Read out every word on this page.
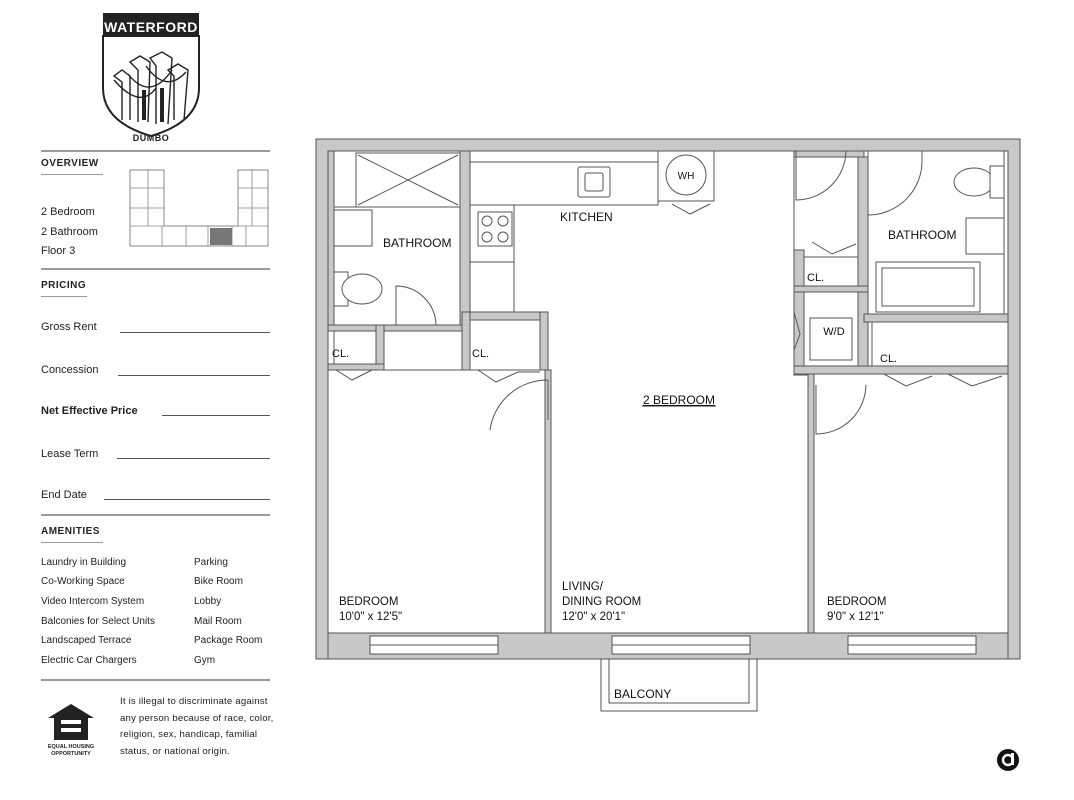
WATERFORD
DUMBO
OVERVIEW
2 Bedroom
2 Bathroom
Floor 3
PRICING
Gross Rent
Concession
Net Effective Price
Lease Term
End Date
AMENITIES
Laundry in Building
Co-Working Space
Video Intercom System
Balconies for Select Units
Landscaped Terrace
Electric Car Chargers
Parking
Bike Room
Lobby
Mail Room
Package Room
Gym
EQUAL HOUSING OPPORTUNITY
It is illegal to discriminate against any person because of race, color, religion, sex, handicap, familial status, or national origin.
KITCHEN
BATHROOM
BATHROOM
WH
W/D
CL.	CL.
CL.
CL.
2 BEDROOM
BEDROOM
10'0" x 12'5"
LIVING/
DINING ROOM
12'0" x 20'1"
BEDROOM
9'0" x 12'1"
BALCONY
